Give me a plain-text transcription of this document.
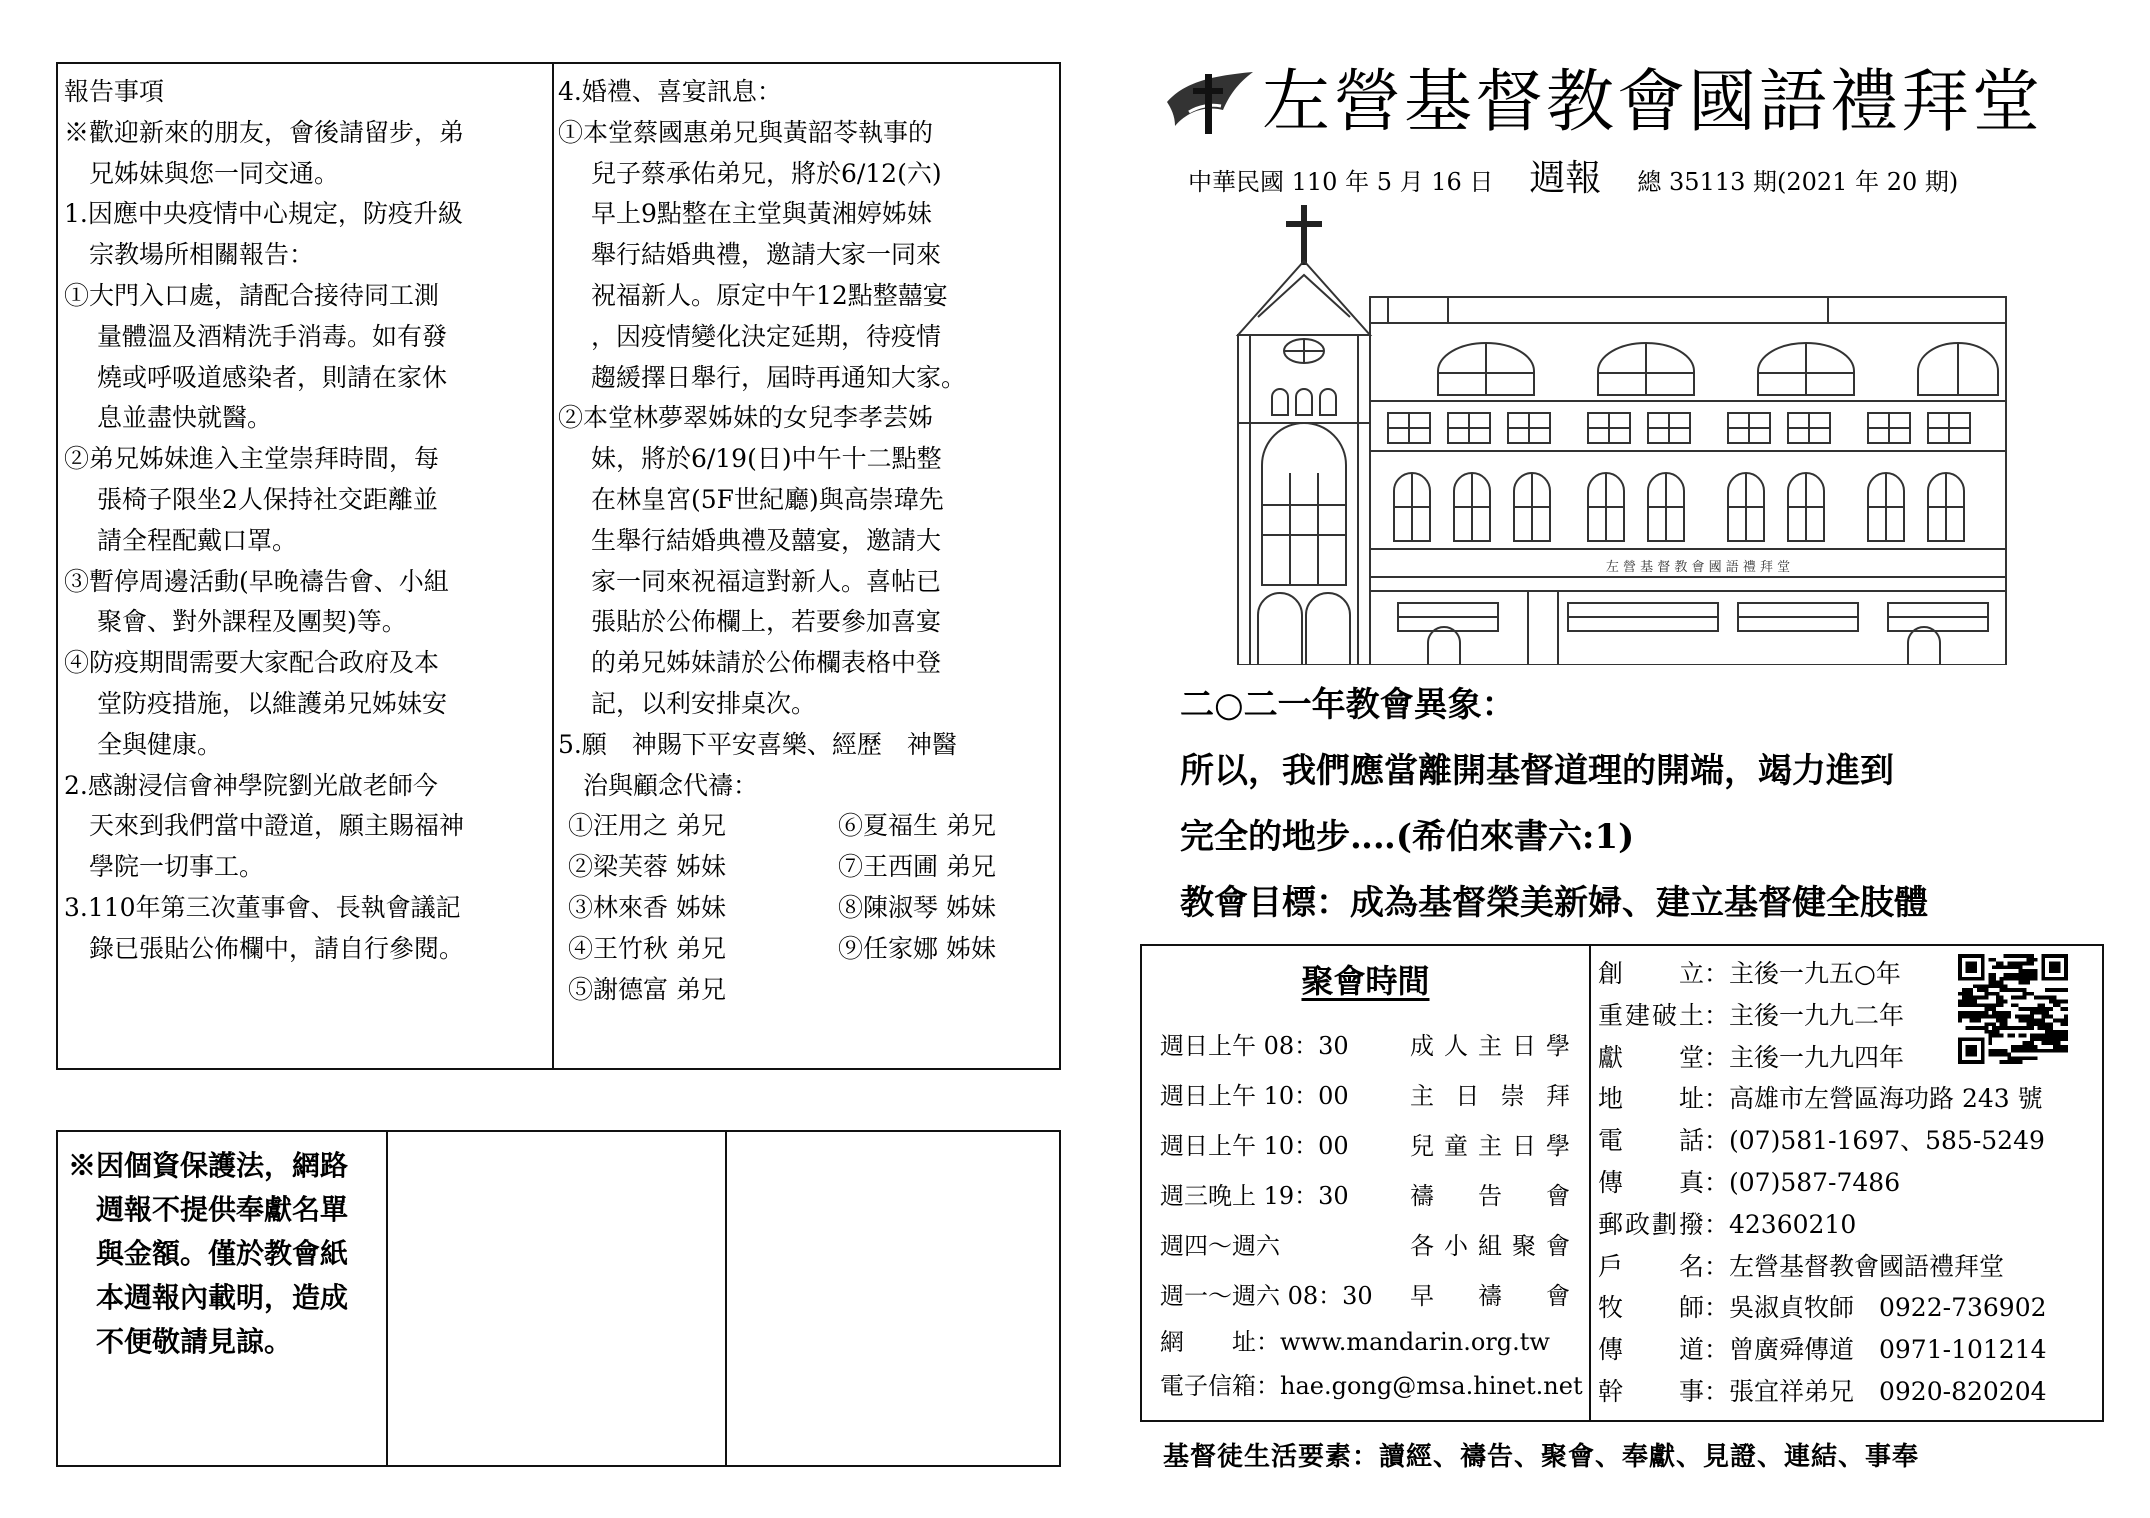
報告事項
※歡迎新來的朋友，會後請留步，弟
　兄姊妹與您一同交通。
1.因應中央疫情中心規定，防疫升級
　宗教場所相關報告：
①大門入口處，請配合接待同工測
　 量體溫及酒精洗手消毒。如有發
　 燒或呼吸道感染者，則請在家休
　 息並盡快就醫。
②弟兄姊妹進入主堂崇拜時間，每
　 張椅子限坐2人保持社交距離並
　 請全程配戴口罩。
③暫停周邊活動(早晚禱告會、小組
　 聚會、對外課程及團契)等。
④防疫期間需要大家配合政府及本
　 堂防疫措施，以維護弟兄姊妹安
　 全與健康。
2.感謝浸信會神學院劉光啟老師今
　天來到我們當中證道，願主賜福神
　學院一切事工。
3.110年第三次董事會、長執會議記
　錄已張貼公佈欄中，請自行參閱。
4.婚禮、喜宴訊息：
①本堂蔡國惠弟兄與黃韶苓執事的
　 兒子蔡承佑弟兄，將於6/12(六)
　 早上9點整在主堂與黃湘婷姊妹
　 舉行結婚典禮，邀請大家一同來
　 祝福新人。原定中午12點整囍宴
　 ，因疫情變化決定延期，待疫情
　 趨緩擇日舉行，屆時再通知大家。
②本堂林夢翠姊妹的女兒李孝芸姊
　 妹，將於6/19(日)中午十二點整
　 在林皇宮(5F世紀廳)與高崇瑋先
　 生舉行結婚典禮及囍宴，邀請大
　 家一同來祝福這對新人。喜帖已
　 張貼於公佈欄上，若要參加喜宴
　 的弟兄姊妹請於公佈欄表格中登
　 記，以利安排桌次。
5.願　神賜下平安喜樂、經歷　神醫
　治與顧念代禱：
①汪用之 弟兄	⑥夏福生 弟兄
②梁芙蓉 姊妹	⑦王西圃 弟兄
③林來香 姊妹	⑧陳淑琴 姊妹
④王竹秋 弟兄	⑨任家娜 姊妹
⑤謝德富 弟兄
※因個資保護法，網路
　週報不提供奉獻名單
　與金額。僅於教會紙
　本週報內載明，造成
　不便敬請見諒。
左營基督教會國語禮拜堂
中華民國 110 年 5 月 16 日 週報 總 35113 期(2021 年 20 期)
左 營 基 督 教 會 國 語 禮 拜 堂
二○二一年教會異象：
所以，我們應當離開基督道理的開端，竭力進到
完全的地步‥‥(希伯來書六:1)
教會目標：成為基督榮美新婦、建立基督健全肢體
聚會時間
週日上午 08：30	成人主日學
週日上午 10：00	主 日 崇 拜
週日上午 10：00	兒童主日學
週三晚上 19：30	禱 告 會
週四～週六	各小組聚會
週一～週六 08：30 早 禱 會
網　　址：www.mandarin.org.tw
電子信箱：hae.gong@msa.hinet.net
創立：主後一九五○年
重建破土：主後一九九二年
獻堂：主後一九九四年
地址：高雄市左營區海功路 243 號
電話：(07)581-1697、585-5249
傳真：(07)587-7486
郵政劃撥：42360210
戶名：左營基督教會國語禮拜堂
牧師：吳淑貞牧師　0922-736902
傳道：曾廣舜傳道　0971-101214
幹事：張宜祥弟兄　0920-820204
基督徒生活要素：讀經、禱告、聚會、奉獻、見證、連結、事奉
